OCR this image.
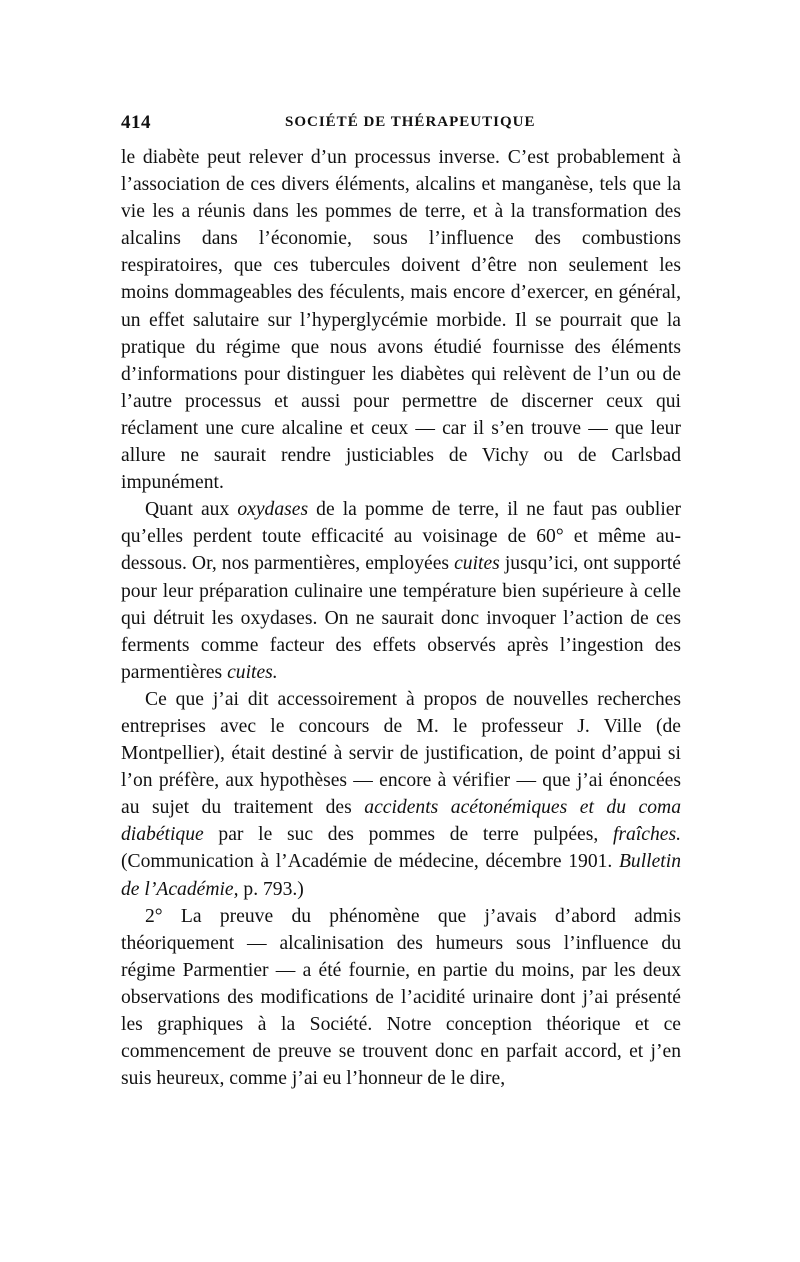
414	SOCIÉTÉ DE THÉRAPEUTIQUE

le diabète peut relever d’un processus inverse. C’est probablement à l’association de ces divers éléments, alcalins et manganèse, tels que la vie les a réunis dans les pommes de terre, et à la transformation des alcalins dans l’économie, sous l’influence des combustions respiratoires, que ces tubercules doivent d’être non seulement les moins dommageables des féculents, mais encore d’exercer, en général, un effet salutaire sur l’hyperglycémie morbide. Il se pourrait que la pratique du régime que nous avons étudié fournisse des éléments d’informations pour distinguer les diabètes qui relèvent de l’un ou de l’autre processus et aussi pour permettre de discerner ceux qui réclament une cure alcaline et ceux — car il s’en trouve — que leur allure ne saurait rendre justiciables de Vichy ou de Carlsbad impunément.

Quant aux oxydases de la pomme de terre, il ne faut pas oublier qu’elles perdent toute efficacité au voisinage de 60° et même au-dessous. Or, nos parmentières, employées cuites jusqu’ici, ont supporté pour leur préparation culinaire une température bien supérieure à celle qui détruit les oxydases. On ne saurait donc invoquer l’action de ces ferments comme facteur des effets observés après l’ingestion des parmentières cuites.

Ce que j’ai dit accessoirement à propos de nouvelles recherches entreprises avec le concours de M. le professeur J. Ville (de Montpellier), était destiné à servir de justification, de point d’appui si l’on préfère, aux hypothèses — encore à vérifier — que j’ai énoncées au sujet du traitement des accidents acétonémiques et du coma diabétique par le suc des pommes de terre pulpées, fraîches. (Communication à l’Académie de médecine, décembre 1901. Bulletin de l’Académie, p. 793.)

2° La preuve du phénomène que j’avais d’abord admis théoriquement — alcalinisation des humeurs sous l’influence du régime Parmentier — a été fournie, en partie du moins, par les deux observations des modifications de l’acidité urinaire dont j’ai présenté les graphiques à la Société. Notre conception théorique et ce commencement de preuve se trouvent donc en parfait accord, et j’en suis heureux, comme j’ai eu l’honneur de le dire,
